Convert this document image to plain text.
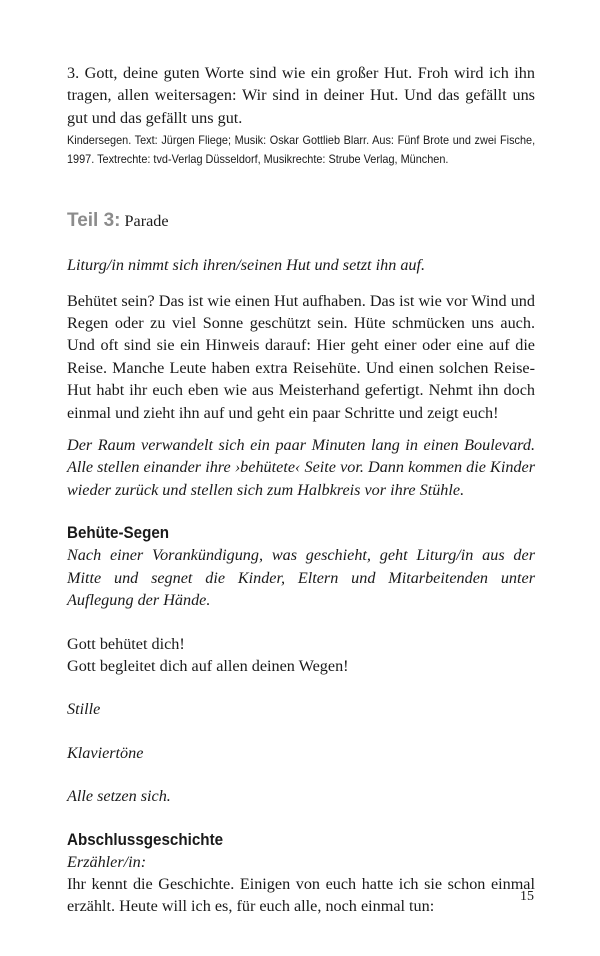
3. Gott, deine guten Worte sind wie ein großer Hut. Froh wird ich ihn tragen, allen weitersagen: Wir sind in deiner Hut. Und das gefällt uns gut und das gefällt uns gut.

Kindersegen. Text: Jürgen Fliege; Musik: Oskar Gottlieb Blarr. Aus: Fünf Brote und zwei Fische, 1997. Textrechte: tvd-Verlag Düsseldorf, Musikrechte: Strube Verlag, München.

Teil 3: Parade

Liturg/in nimmt sich ihren/seinen Hut und setzt ihn auf.

Behütet sein? Das ist wie einen Hut aufhaben. Das ist wie vor Wind und Regen oder zu viel Sonne geschützt sein. Hüte schmücken uns auch. Und oft sind sie ein Hinweis darauf: Hier geht einer oder eine auf die Reise. Manche Leute haben extra Reisehüte. Und einen solchen Reise-Hut habt ihr euch eben wie aus Meisterhand gefertigt. Nehmt ihn doch einmal und zieht ihn auf und geht ein paar Schritte und zeigt euch!

Der Raum verwandelt sich ein paar Minuten lang in einen Boulevard. Alle stellen einander ihre ›behütete‹ Seite vor. Dann kommen die Kinder wieder zurück und stellen sich zum Halbkreis vor ihre Stühle.

Behüte-Segen

Nach einer Vorankündigung, was geschieht, geht Liturg/in aus der Mitte und segnet die Kinder, Eltern und Mitarbeitenden unter Auflegung der Hände.

Gott behütet dich!

Gott begleitet dich auf allen deinen Wegen!

Stille

Klaviertöne

Alle setzen sich.

Abschlussgeschichte

Erzähler/in:

Ihr kennt die Geschichte. Einigen von euch hatte ich sie schon einmal erzählt. Heute will ich es, für euch alle, noch einmal tun:

15
